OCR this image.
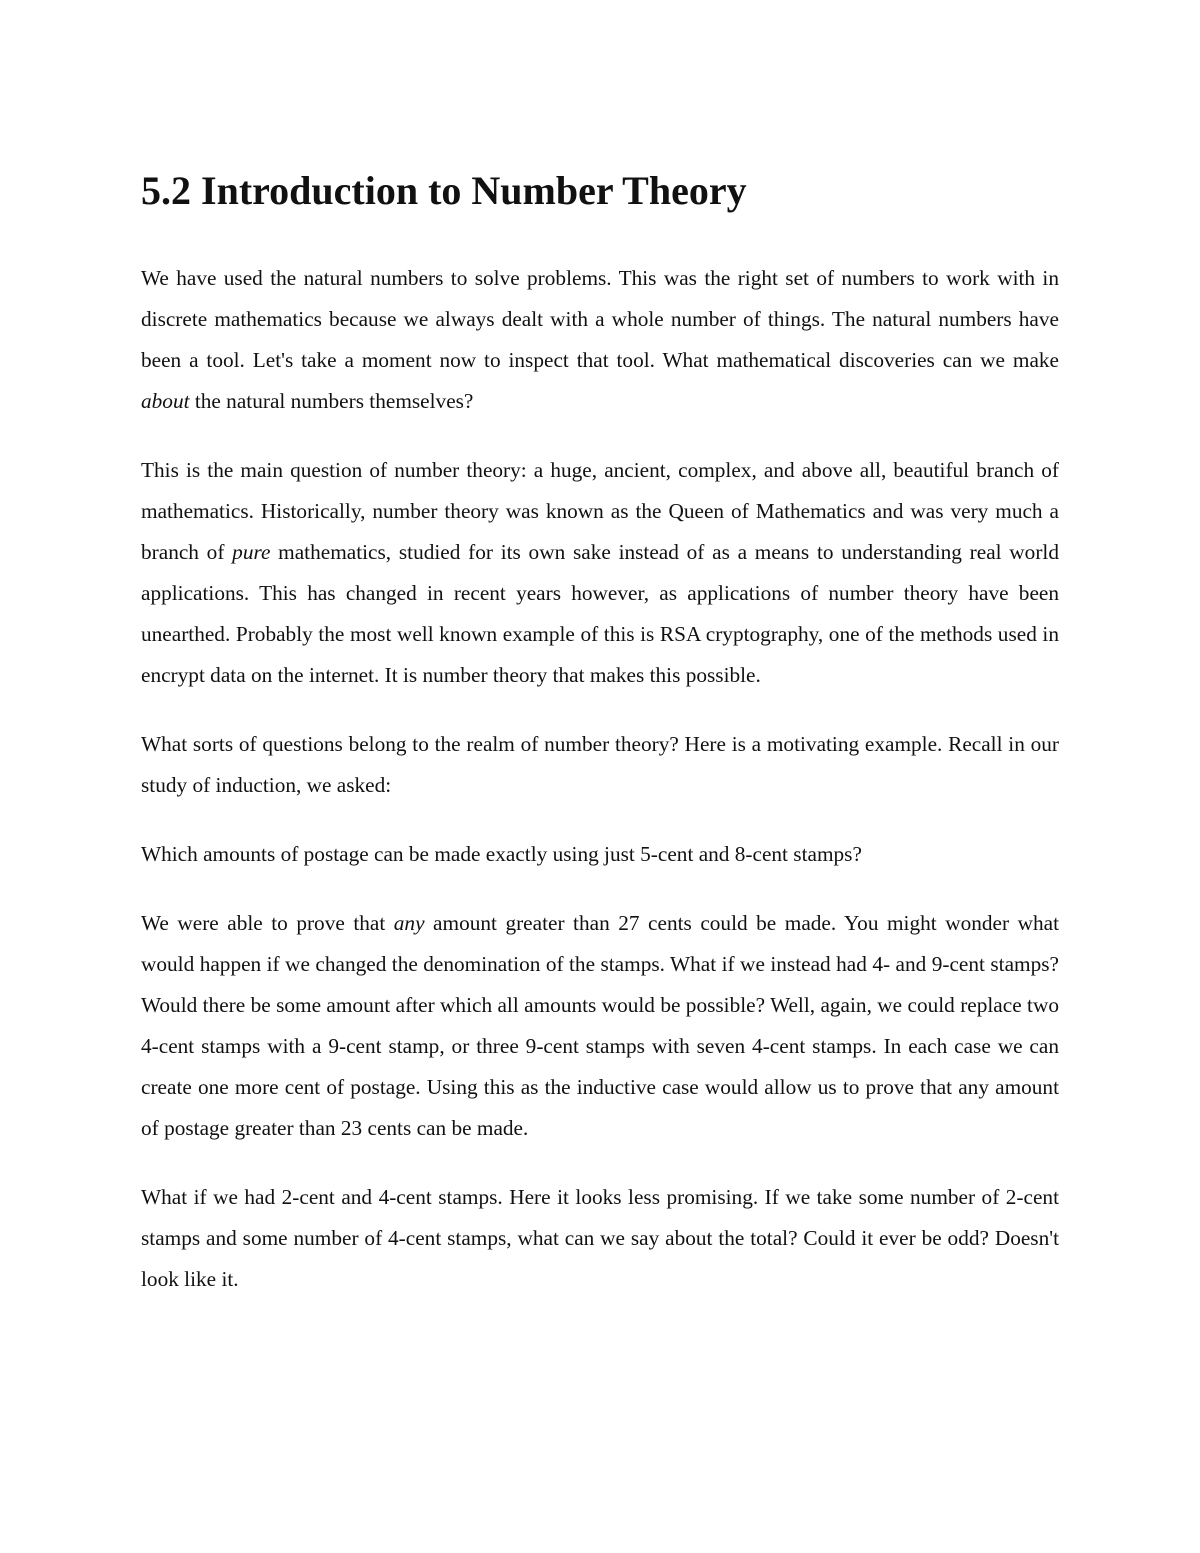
5.2 Introduction to Number Theory

We have used the natural numbers to solve problems. This was the right set of numbers to work with in discrete mathematics because we always dealt with a whole number of things. The natural numbers have been a tool. Let's take a moment now to inspect that tool. What mathematical discoveries can we make about the natural numbers themselves?

This is the main question of number theory: a huge, ancient, complex, and above all, beautiful branch of mathematics. Historically, number theory was known as the Queen of Mathematics and was very much a branch of pure mathematics, studied for its own sake instead of as a means to understanding real world applications. This has changed in recent years however, as applications of number theory have been unearthed. Probably the most well known example of this is RSA cryptography, one of the methods used in encrypt data on the internet. It is number theory that makes this possible.

What sorts of questions belong to the realm of number theory? Here is a motivating example. Recall in our study of induction, we asked:

Which amounts of postage can be made exactly using just 5-cent and 8-cent stamps?

We were able to prove that any amount greater than 27 cents could be made. You might wonder what would happen if we changed the denomination of the stamps. What if we instead had 4- and 9-cent stamps? Would there be some amount after which all amounts would be possible? Well, again, we could replace two 4-cent stamps with a 9-cent stamp, or three 9-cent stamps with seven 4-cent stamps. In each case we can create one more cent of postage. Using this as the inductive case would allow us to prove that any amount of postage greater than 23 cents can be made.

What if we had 2-cent and 4-cent stamps. Here it looks less promising. If we take some number of 2-cent stamps and some number of 4-cent stamps, what can we say about the total? Could it ever be odd? Doesn't look like it.
